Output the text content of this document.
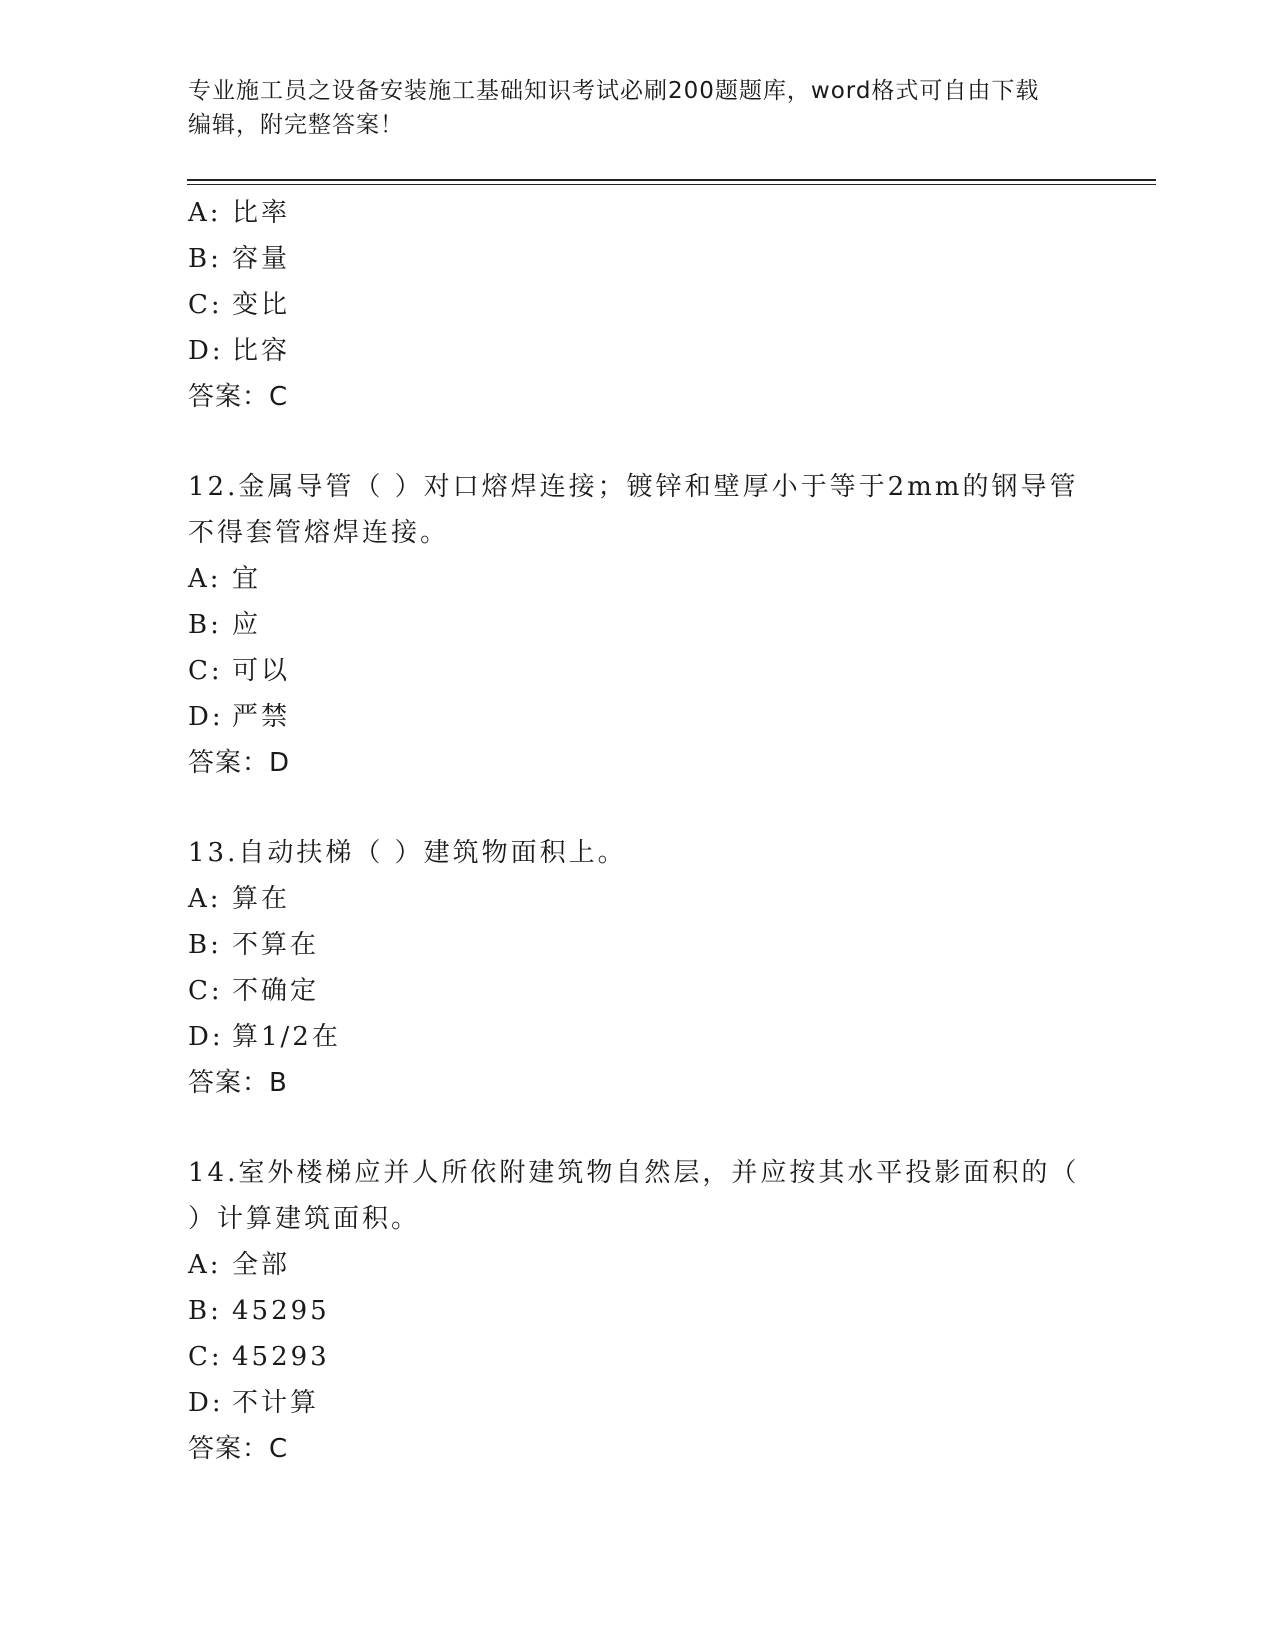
专业施工员之设备安装施工基础知识考试必刷200题题库，word格式可自由下载
编辑，附完整答案！
A: 比率
B: 容量
C: 变比
D: 比容
答案：C
12.金属导管（ ）对口熔焊连接；镀锌和壁厚小于等于2mm的钢导管
不得套管熔焊连接。
A: 宜
B: 应
C: 可以
D: 严禁
答案：D
13.自动扶梯（ ）建筑物面积上。
A: 算在
B: 不算在
C: 不确定
D: 算1/2在
答案：B
14.室外楼梯应并人所依附建筑物自然层，并应按其水平投影面积的（
）计算建筑面积。
A: 全部
B: 45295
C: 45293
D: 不计算
答案：C
